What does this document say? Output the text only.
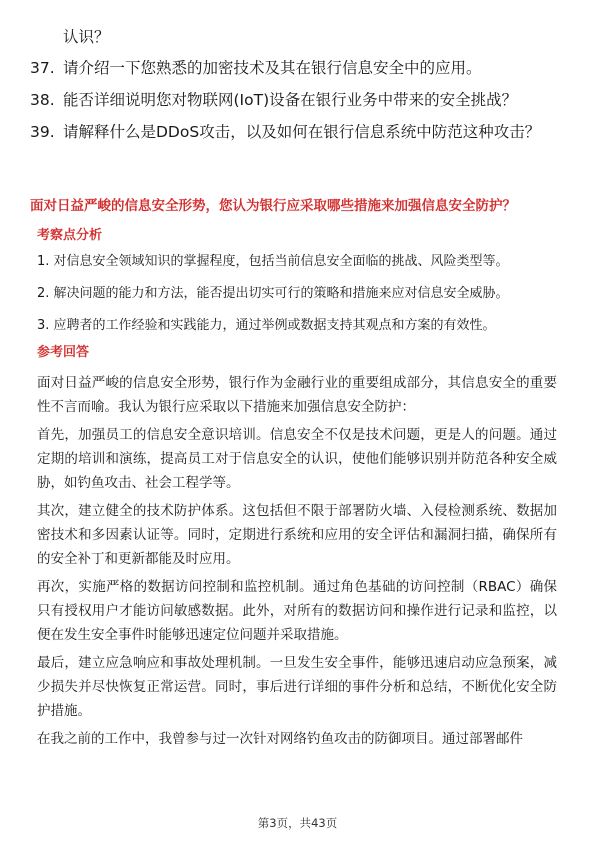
认识？
37. 请介绍一下您熟悉的加密技术及其在银行信息安全中的应用。
38. 能否详细说明您对物联网(IoT)设备在银行业务中带来的安全挑战？
39. 请解释什么是DDoS攻击，以及如何在银行信息系统中防范这种攻击？
面对日益严峻的信息安全形势，您认为银行应采取哪些措施来加强信息安全防护？
考察点分析
1. 对信息安全领域知识的掌握程度，包括当前信息安全面临的挑战、风险类型等。
2. 解决问题的能力和方法，能否提出切实可行的策略和措施来应对信息安全威胁。
3. 应聘者的工作经验和实践能力，通过举例或数据支持其观点和方案的有效性。
参考回答
面对日益严峻的信息安全形势，银行作为金融行业的重要组成部分，其信息安全的重要性不言而喻。我认为银行应采取以下措施来加强信息安全防护：
首先，加强员工的信息安全意识培训。信息安全不仅是技术问题，更是人的问题。通过定期的培训和演练，提高员工对于信息安全的认识，使他们能够识别并防范各种安全威胁，如钓鱼攻击、社会工程学等。
其次，建立健全的技术防护体系。这包括但不限于部署防火墙、入侵检测系统、数据加密技术和多因素认证等。同时，定期进行系统和应用的安全评估和漏洞扫描，确保所有的安全补丁和更新都能及时应用。
再次，实施严格的数据访问控制和监控机制。通过角色基础的访问控制（RBAC）确保只有授权用户才能访问敏感数据。此外，对所有的数据访问和操作进行记录和监控，以便在发生安全事件时能够迅速定位问题并采取措施。
最后，建立应急响应和事故处理机制。一旦发生安全事件，能够迅速启动应急预案，减少损失并尽快恢复正常运营。同时，事后进行详细的事件分析和总结，不断优化安全防护措施。
在我之前的工作中，我曾参与过一次针对网络钓鱼攻击的防御项目。通过部署邮件
第3页，共43页
